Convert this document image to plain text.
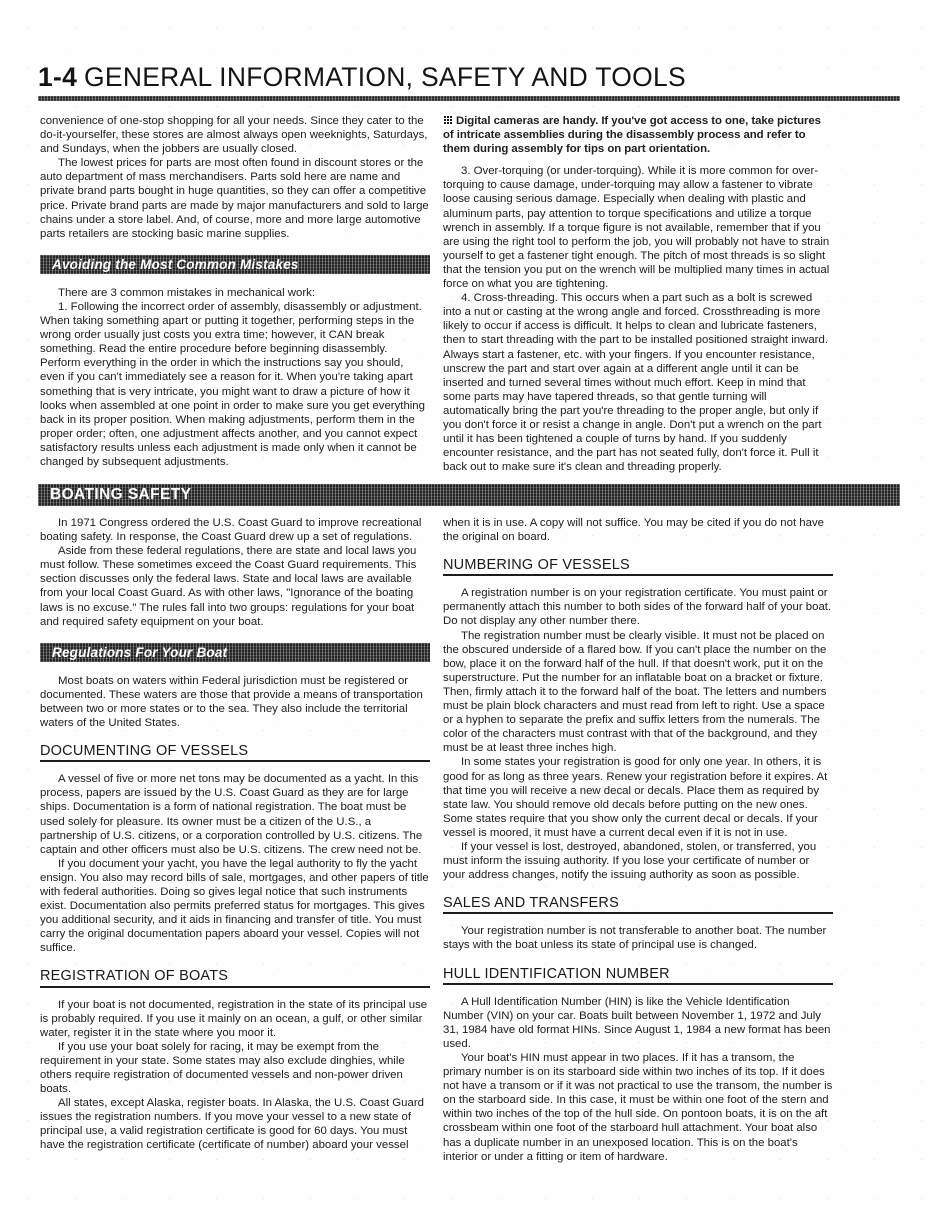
1-4 GENERAL INFORMATION, SAFETY AND TOOLS

convenience of one-stop shopping for all your needs. Since they cater to the do-it-yourselfer, these stores are almost always open weeknights, Saturdays, and Sundays, when the jobbers are usually closed.

The lowest prices for parts are most often found in discount stores or the auto department of mass merchandisers. Parts sold here are name and private brand parts bought in huge quantities, so they can offer a competitive price. Private brand parts are made by major manufacturers and sold to large chains under a store label. And, of course, more and more large automotive parts retailers are stocking basic marine supplies.

Avoiding the Most Common Mistakes

There are 3 common mistakes in mechanical work:

1. Following the incorrect order of assembly, disassembly or adjustment. When taking something apart or putting it together, performing steps in the wrong order usually just costs you extra time; however, it CAN break something. Read the entire procedure before beginning disassembly. Perform everything in the order in which the instructions say you should, even if you can't immediately see a reason for it. When you're taking apart something that is very intricate, you might want to draw a picture of how it looks when assembled at one point in order to make sure you get everything back in its proper position. When making adjustments, perform them in the proper order; often, one adjustment affects another, and you cannot expect satisfactory results unless each adjustment is made only when it cannot be changed by subsequent adjustments.

Digital cameras are handy. If you've got access to one, take pictures of intricate assemblies during the disassembly process and refer to them during assembly for tips on part orientation.

3. Over-torquing (or under-torquing). While it is more common for over-torquing to cause damage, under-torquing may allow a fastener to vibrate loose causing serious damage. Especially when dealing with plastic and aluminum parts, pay attention to torque specifications and utilize a torque wrench in assembly. If a torque figure is not available, remember that if you are using the right tool to perform the job, you will probably not have to strain yourself to get a fastener tight enough. The pitch of most threads is so slight that the tension you put on the wrench will be multiplied many times in actual force on what you are tightening.

4. Cross-threading. This occurs when a part such as a bolt is screwed into a nut or casting at the wrong angle and forced. Crossthreading is more likely to occur if access is difficult. It helps to clean and lubricate fasteners, then to start threading with the part to be installed positioned straight inward. Always start a fastener, etc. with your fingers. If you encounter resistance, unscrew the part and start over again at a different angle until it can be inserted and turned several times without much effort. Keep in mind that some parts may have tapered threads, so that gentle turning will automatically bring the part you're threading to the proper angle, but only if you don't force it or resist a change in angle. Don't put a wrench on the part until it has been tightened a couple of turns by hand. If you suddenly encounter resistance, and the part has not seated fully, don't force it. Pull it back out to make sure it's clean and threading properly.

BOATING SAFETY

In 1971 Congress ordered the U.S. Coast Guard to improve recreational boating safety. In response, the Coast Guard drew up a set of regulations.

Aside from these federal regulations, there are state and local laws you must follow. These sometimes exceed the Coast Guard requirements. This section discusses only the federal laws. State and local laws are available from your local Coast Guard. As with other laws, "Ignorance of the boating laws is no excuse." The rules fall into two groups: regulations for your boat and required safety equipment on your boat.

Regulations For Your Boat

Most boats on waters within Federal jurisdiction must be registered or documented. These waters are those that provide a means of transportation between two or more states or to the sea. They also include the territorial waters of the United States.

DOCUMENTING OF VESSELS

A vessel of five or more net tons may be documented as a yacht. In this process, papers are issued by the U.S. Coast Guard as they are for large ships. Documentation is a form of national registration. The boat must be used solely for pleasure. Its owner must be a citizen of the U.S., a partnership of U.S. citizens, or a corporation controlled by U.S. citizens. The captain and other officers must also be U.S. citizens. The crew need not be.

If you document your yacht, you have the legal authority to fly the yacht ensign. You also may record bills of sale, mortgages, and other papers of title with federal authorities. Doing so gives legal notice that such instruments exist. Documentation also permits preferred status for mortgages. This gives you additional security, and it aids in financing and transfer of title. You must carry the original documentation papers aboard your vessel. Copies will not suffice.

REGISTRATION OF BOATS

If your boat is not documented, registration in the state of its principal use is probably required. If you use it mainly on an ocean, a gulf, or other similar water, register it in the state where you moor it.

If you use your boat solely for racing, it may be exempt from the requirement in your state. Some states may also exclude dinghies, while others require registration of documented vessels and non-power driven boats.

All states, except Alaska, register boats. In Alaska, the U.S. Coast Guard issues the registration numbers. If you move your vessel to a new state of principal use, a valid registration certificate is good for 60 days. You must have the registration certificate (certificate of number) aboard your vessel

when it is in use. A copy will not suffice. You may be cited if you do not have the original on board.

NUMBERING OF VESSELS

A registration number is on your registration certificate. You must paint or permanently attach this number to both sides of the forward half of your boat. Do not display any other number there.

The registration number must be clearly visible. It must not be placed on the obscured underside of a flared bow. If you can't place the number on the bow, place it on the forward half of the hull. If that doesn't work, put it on the superstructure. Put the number for an inflatable boat on a bracket or fixture. Then, firmly attach it to the forward half of the boat. The letters and numbers must be plain block characters and must read from left to right. Use a space or a hyphen to separate the prefix and suffix letters from the numerals. The color of the characters must contrast with that of the background, and they must be at least three inches high.

In some states your registration is good for only one year. In others, it is good for as long as three years. Renew your registration before it expires. At that time you will receive a new decal or decals. Place them as required by state law. You should remove old decals before putting on the new ones. Some states require that you show only the current decal or decals. If your vessel is moored, it must have a current decal even if it is not in use.

If your vessel is lost, destroyed, abandoned, stolen, or transferred, you must inform the issuing authority. If you lose your certificate of number or your address changes, notify the issuing authority as soon as possible.

SALES AND TRANSFERS

Your registration number is not transferable to another boat. The number stays with the boat unless its state of principal use is changed.

HULL IDENTIFICATION NUMBER

A Hull Identification Number (HIN) is like the Vehicle Identification Number (VIN) on your car. Boats built between November 1, 1972 and July 31, 1984 have old format HINs. Since August 1, 1984 a new format has been used.

Your boat's HIN must appear in two places. If it has a transom, the primary number is on its starboard side within two inches of its top. If it does not have a transom or if it was not practical to use the transom, the number is on the starboard side. In this case, it must be within one foot of the stern and within two inches of the top of the hull side. On pontoon boats, it is on the aft crossbeam within one foot of the starboard hull attachment. Your boat also has a duplicate number in an unexposed location. This is on the boat's interior or under a fitting or item of hardware.
